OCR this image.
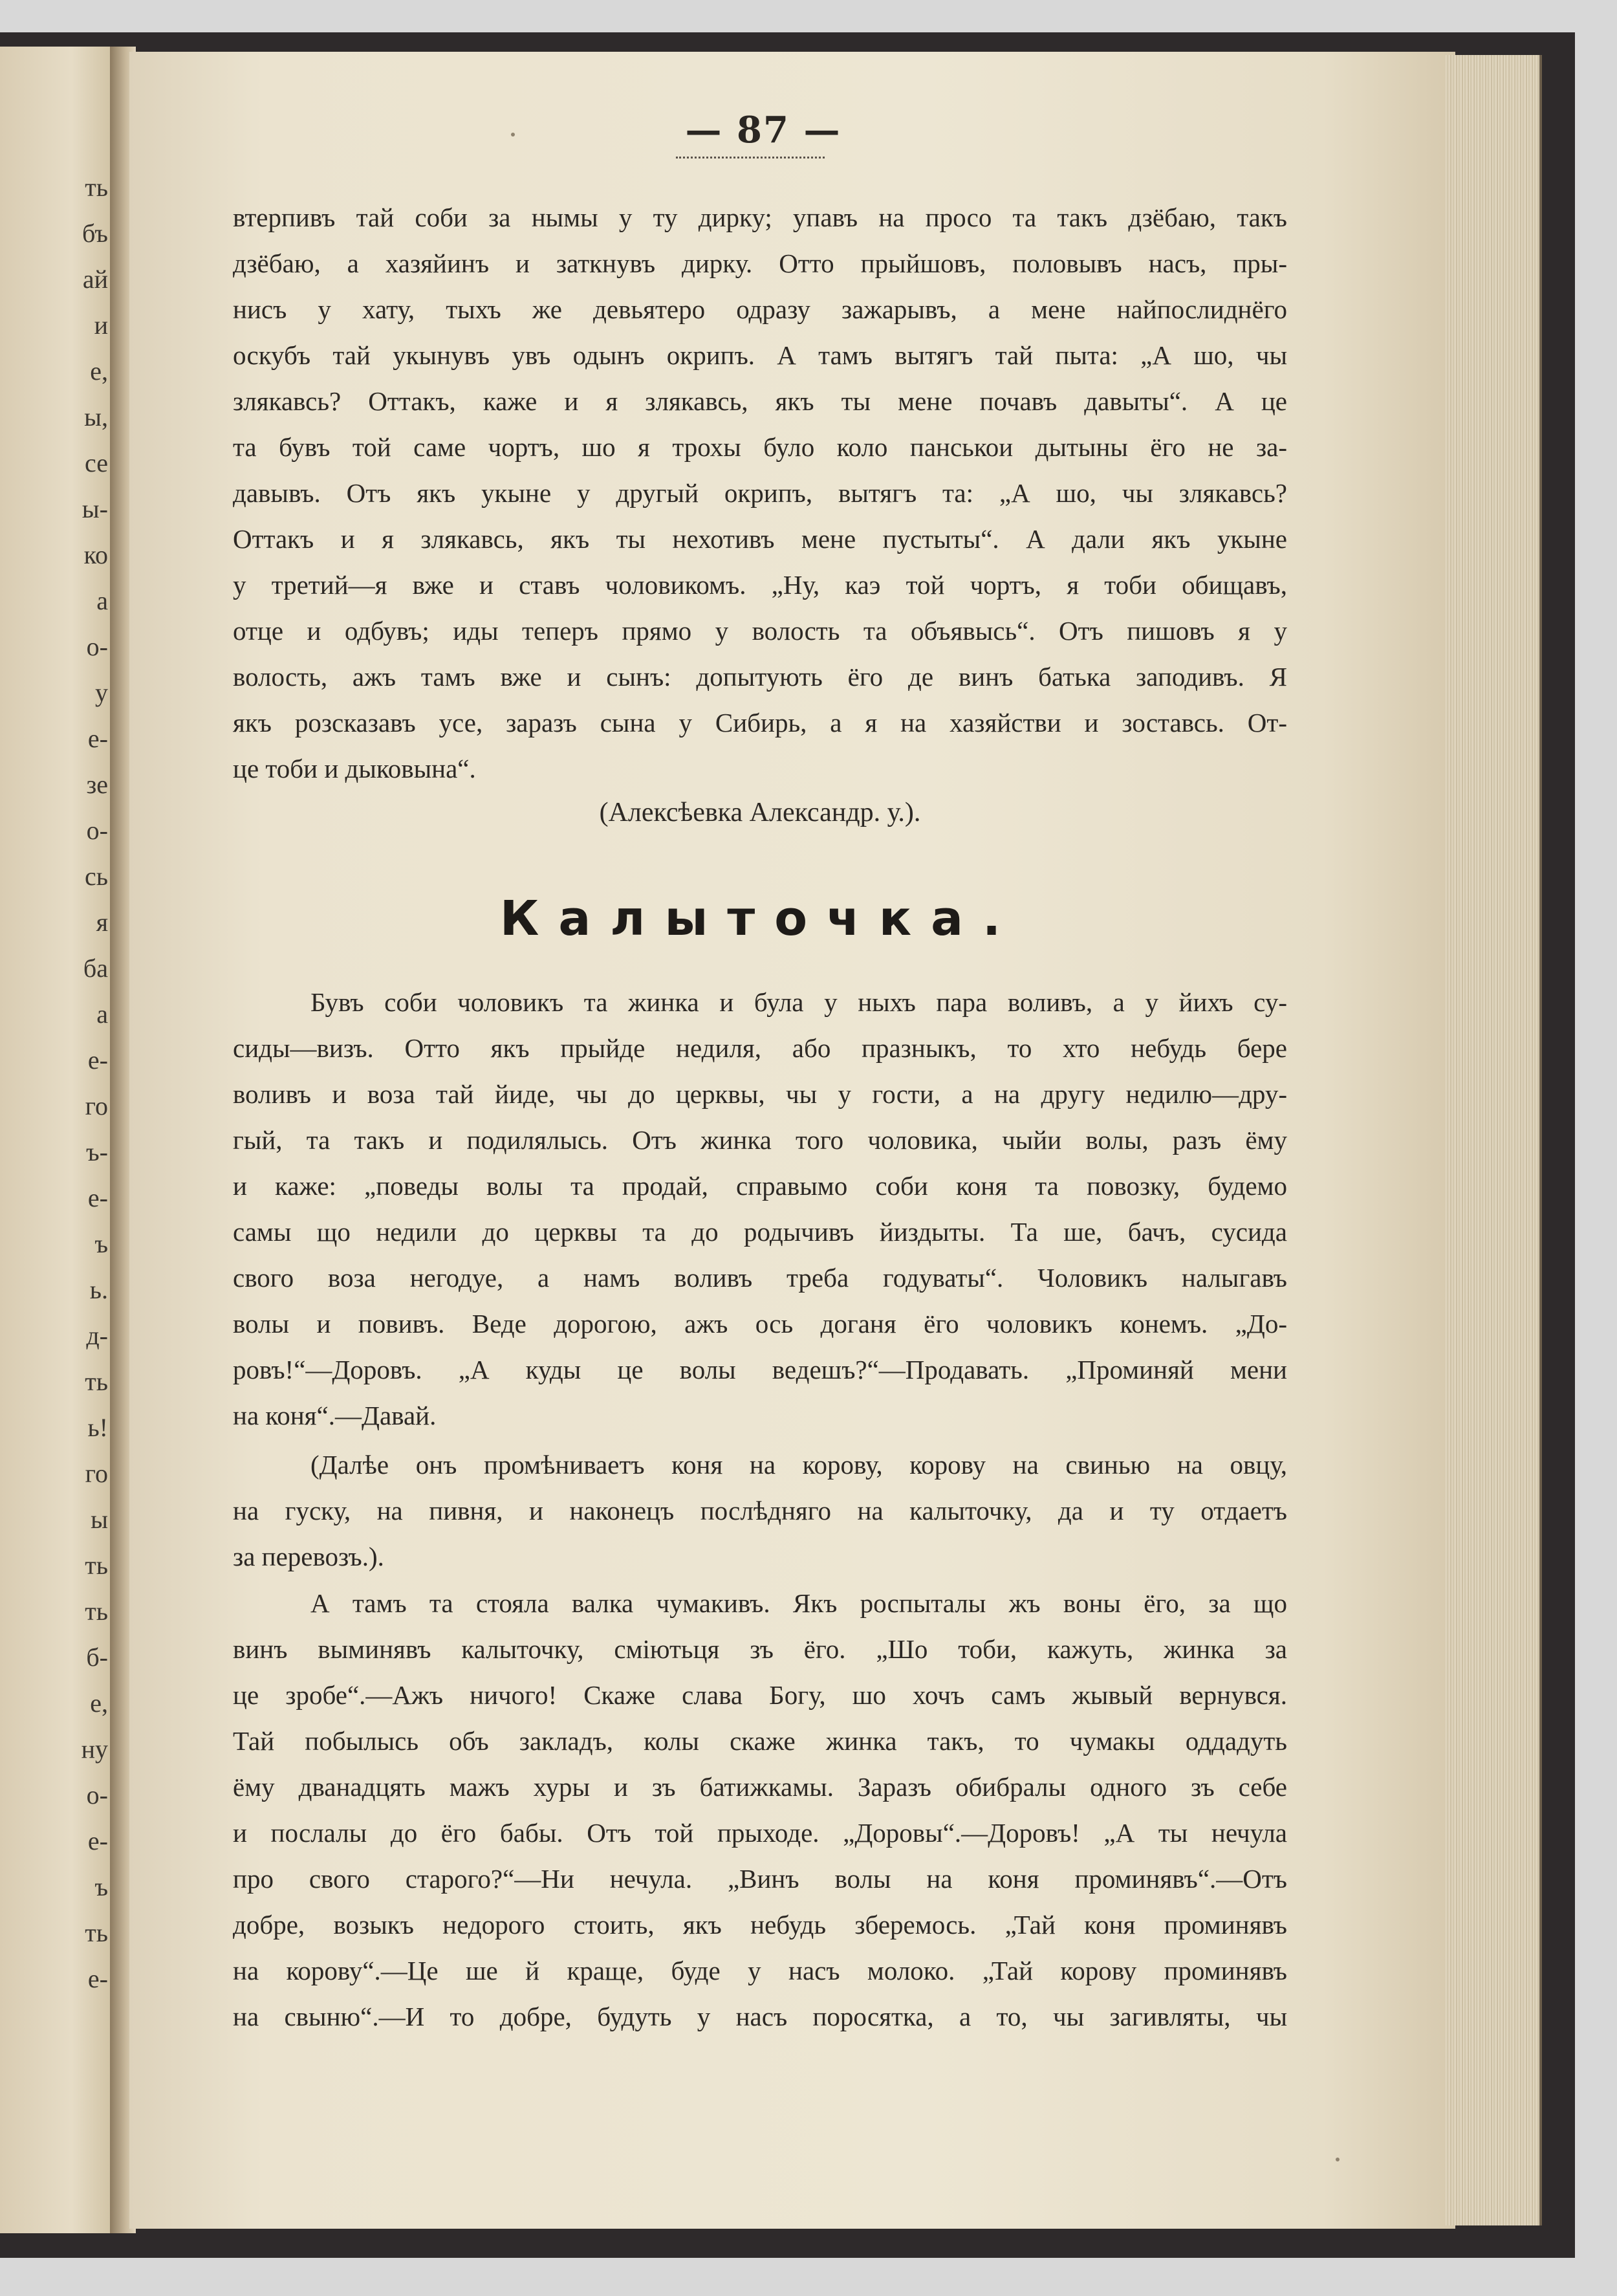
ть
бъ
ай
и
е,
ы,
се
ы-
ко
а
о-
у
е-
зе
о-
сь
я
ба
а
е-
го
ъ-
е-
ъ
ь.
д-
ть
ь!
го
ы
ть
ть
б-
е,
ну
о-
е-
ъ
ть
е-
— 87 —
втерпивъ тай соби за нымы у ту дирку; упавъ на просо та такъ дзёбаю, такъ
дзёбаю, а хазяйинъ и заткнувъ дирку. Отто прыйшовъ, половывъ насъ, пры-
нисъ у хату, тыхъ же девьятеро одразу зажарывъ, а мене найпослиднёго
оскубъ тай укынувъ увъ одынъ окрипъ. А тамъ вытягъ тай пыта: „А шо, чы
злякавсь? Оттакъ, каже и я злякавсь, якъ ты мене почавъ давыты“. А це
та бувъ той саме чортъ, шо я трохы було коло панськои дытыны ёго не за-
давывъ. Отъ якъ укыне у другый окрипъ, вытягъ та: „А шо, чы злякавсь?
Оттакъ и я злякавсь, якъ ты нехотивъ мене пустыты“. А дали якъ укыне
у третий—я вже и ставъ чоловикомъ. „Ну, каэ той чортъ, я тоби обищавъ,
отце и одбувъ; иды теперъ прямо у волость та объявысь“. Отъ пишовъ я у
волость, ажъ тамъ вже и сынъ: допытують ёго де винъ батька заподивъ. Я
якъ розсказавъ усе, заразъ сына у Сибирь, а я на хазяйстви и зоставсь. От-
це тоби и дыковына“.
(Алексѣевка Александр. у.).
Калыточка.
Бувъ соби чоловикъ та жинка и була у ныхъ пара воливъ, а у йихъ су-
сиды—визъ. Отто якъ прыйде недиля, або празныкъ, то хто небудь бере
воливъ и воза тай йиде, чы до церквы, чы у гости, а на другу недилю—дру-
гый, та такъ и подилялысь. Отъ жинка того чоловика, чыйи волы, разъ ёму
и каже: „поведы волы та продай, справымо соби коня та повозку, будемо
самы що недили до церквы та до родычивъ йиздыты. Та ше, бачъ, сусида
свого воза негодуе, а намъ воливъ треба годуваты“. Чоловикъ налыгавъ
волы и повивъ. Веде дорогою, ажъ ось доганя ёго чоловикъ конемъ. „До-
ровъ!“—Доровъ. „А куды це волы ведешъ?“—Продавать. „Проминяй мени
на коня“.—Давай.
(Далѣе онъ промѣниваетъ коня на корову, корову на свинью на овцу,
на гуску, на пивня, и наконецъ послѣдняго на калыточку, да и ту отдаетъ
за перевозъ.).
А тамъ та стояла валка чумакивъ. Якъ роспыталы жъ воны ёго, за що
винъ выминявъ калыточку, сміютьця зъ ёго. „Шо тоби, кажуть, жинка за
це зробе“.—Ажъ ничого! Скаже слава Богу, шо хочъ самъ жывый вернувся.
Тай побылысь объ закладъ, колы скаже жинка такъ, то чумакы оддадуть
ёму дванадцять мажъ хуры и зъ батижкамы. Заразъ обибралы одного зъ себе
и послалы до ёго бабы. Отъ той прыходе. „Доровы“.—Доровъ! „А ты нечула
про свого старого?“—Ни нечула. „Винъ волы на коня проминявъ“.—Отъ
добре, возыкъ недорого стоить, якъ небудь зберемось. „Тай коня проминявъ
на корову“.—Це ше й краще, буде у насъ молоко. „Тай корову проминявъ
на свыню“.—И то добре, будуть у насъ поросятка, а то, чы загивляты, чы
